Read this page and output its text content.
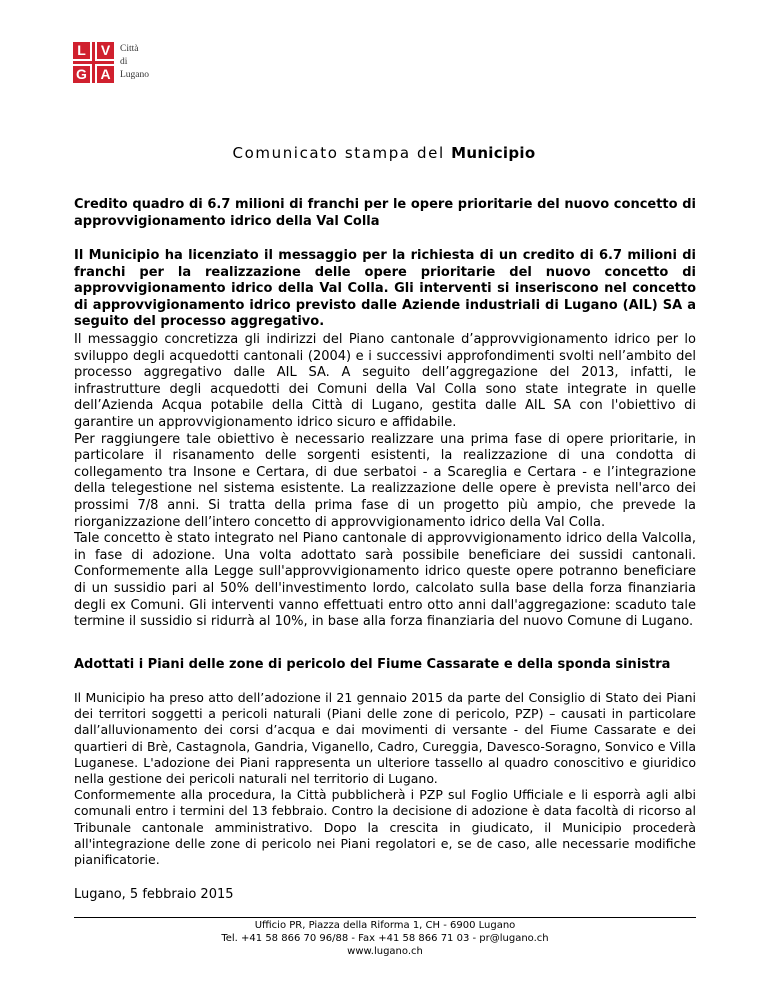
L	V
G A
Città
di
Lugano
Comunicato stampa del Municipio

Credito quadro di 6.7 milioni di franchi per le opere prioritarie del nuovo concetto di approvvigionamento idrico della Val Colla

Il Municipio ha licenziato il messaggio per la richiesta di un credito di 6.7 milioni di franchi per la realizzazione delle opere prioritarie del nuovo concetto di approvvigionamento idrico della Val Colla. Gli interventi si inseriscono nel concetto di approvvigionamento idrico previsto dalle Aziende industriali di Lugano (AIL) SA a seguito del processo aggregativo.

Il messaggio concretizza gli indirizzi del Piano cantonale d’approvvigionamento idrico per lo sviluppo degli acquedotti cantonali (2004) e i successivi approfondimenti svolti nell’ambito del processo aggregativo dalle AIL SA. A seguito dell’aggregazione del 2013, infatti, le infrastrutture degli acquedotti dei Comuni della Val Colla sono state integrate in quelle dell’Azienda Acqua potabile della Città di Lugano, gestita dalle AIL SA con l'obiettivo di garantire un approvvigionamento idrico sicuro e affidabile.

Per raggiungere tale obiettivo è necessario realizzare una prima fase di opere prioritarie, in particolare il risanamento delle sorgenti esistenti, la realizzazione di una condotta di collegamento tra Insone e Certara, di due serbatoi - a Scareglia e Certara - e l’integrazione della telegestione nel sistema esistente. La realizzazione delle opere è prevista nell'arco dei prossimi 7/8 anni. Si tratta della prima fase di un progetto più ampio, che prevede la riorganizzazione dell’intero concetto di approvvigionamento idrico della Val Colla.

Tale concetto è stato integrato nel Piano cantonale di approvvigionamento idrico della Valcolla, in fase di adozione. Una volta adottato sarà possibile beneficiare dei sussidi cantonali. Conformemente alla Legge sull'approvvigionamento idrico queste opere potranno beneficiare di un sussidio pari al 50% dell'investimento lordo, calcolato sulla base della forza finanziaria degli ex Comuni. Gli interventi vanno effettuati entro otto anni dall'aggregazione: scaduto tale termine il sussidio si ridurrà al 10%, in base alla forza finanziaria del nuovo Comune di Lugano.

Adottati i Piani delle zone di pericolo del Fiume Cassarate e della sponda sinistra

Il Municipio ha preso atto dell’adozione il 21 gennaio 2015 da parte del Consiglio di Stato dei Piani dei territori soggetti a pericoli naturali (Piani delle zone di pericolo, PZP) – causati in particolare dall’alluvionamento dei corsi d’acqua e dai movimenti di versante - del Fiume Cassarate e dei quartieri di Brè, Castagnola, Gandria, Viganello, Cadro, Cureggia, Davesco-Soragno, Sonvico e Villa Luganese. L'adozione dei Piani rappresenta un ulteriore tassello al quadro conoscitivo e giuridico nella gestione dei pericoli naturali nel territorio di Lugano.

Conformemente alla procedura, la Città pubblicherà i PZP sul Foglio Ufficiale e li esporrà agli albi comunali entro i termini del 13 febbraio. Contro la decisione di adozione è data facoltà di ricorso al Tribunale cantonale amministrativo. Dopo la crescita in giudicato, il Municipio procederà all'integrazione delle zone di pericolo nei Piani regolatori e, se de caso, alle necessarie modifiche pianificatorie.

Lugano, 5 febbraio 2015
Ufficio PR, Piazza della Riforma 1, CH - 6900 Lugano
Tel. +41 58 866 70 96/88 - Fax +41 58 866 71 03 - pr@lugano.ch
www.lugano.ch
